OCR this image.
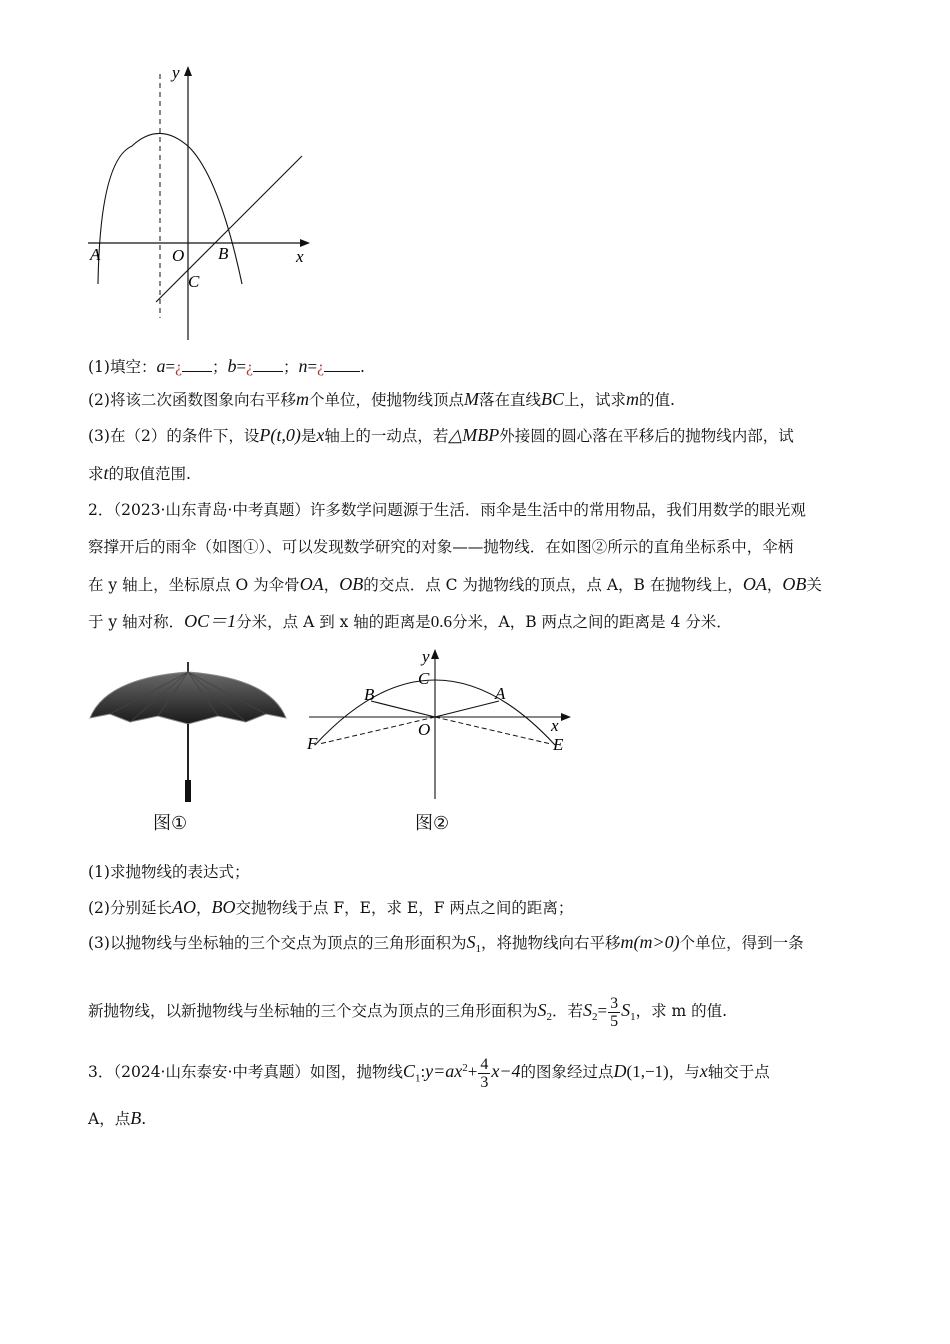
y
x
A	O B
C
(1)填空：a=¿ ；b=¿ ；n=¿ .
(2)将该二次函数图象向右平移m个单位，使抛物线顶点M落在直线BC上，试求m的值.
(3)在（2）的条件下，设P(t,0)是x轴上的一动点，若△MBP外接圆的圆心落在平移后的抛物线内部，试
求t的取值范围.
2．（2023·山东青岛·中考真题）许多数学问题源于生活．雨伞是生活中的常用物品，我们用数学的眼光观
察撑开后的雨伞（如图①）、可以发现数学研究的对象——抛物线．在如图②所示的直角坐标系中，伞柄
在 y 轴上，坐标原点 O 为伞骨OA，OB的交点．点 C 为抛物线的顶点，点 A，B 在抛物线上，OA，OB关
于 y 轴对称．OC＝1分米，点 A 到 x 轴的距离是0.6分米，A，B 两点之间的距离是 4 分米．
图①
y
C
B	A
x
O
F	E
图②
(1)求抛物线的表达式；
(2)分别延长AO，BO交抛物线于点 F，E，求 E，F 两点之间的距离；
(3)以抛物线与坐标轴的三个交点为顶点的三角形面积为$S_1$，将抛物线向右平移m(m>0)个单位，得到一条
新抛物线，以新抛物线与坐标轴的三个交点为顶点的三角形面积为$S_2$．若$S_2= \frac{3}{5} S_1$，求 m 的值.
3．（2024·山东泰安·中考真题）如图，抛物线$C_1:y=ax^2+ \frac{4}{3} x-4$的图象经过点D(1,−1)，与x轴交于点
A，点B.
